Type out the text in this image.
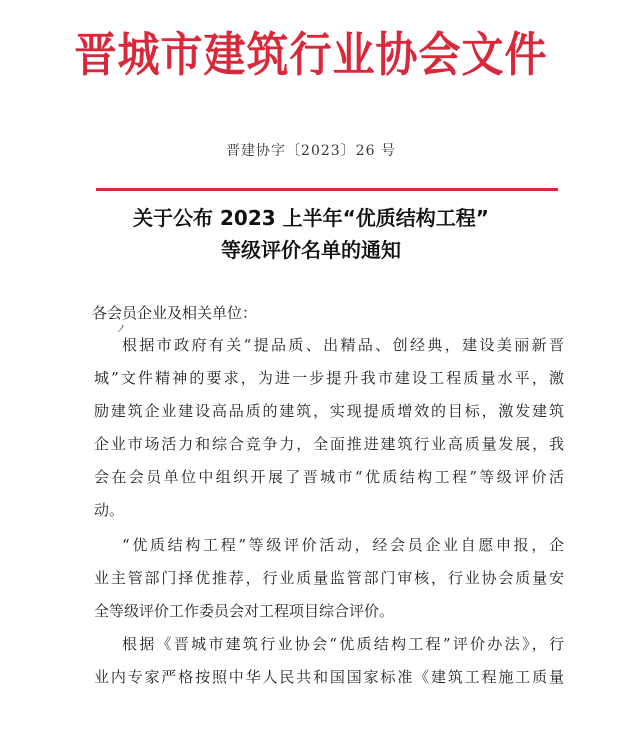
晋城市建筑行业协会文件
晋建协字〔2023〕26 号
关于公布 2023 上半年“优质结构工程”
等级评价名单的通知
各会员企业及相关单位：
ノ
根据市政府有关“提品质、出精品、创经典，建设美丽新晋
城”文件精神的要求，为进一步提升我市建设工程质量水平，激
励建筑企业建设高品质的建筑，实现提质增效的目标，激发建筑
企业市场活力和综合竞争力，全面推进建筑行业高质量发展，我
会在会员单位中组织开展了晋城市“优质结构工程”等级评价活
动。
“优质结构工程”等级评价活动，经会员企业自愿申报，企
业主管部门择优推荐，行业质量监管部门审核，行业协会质量安
全等级评价工作委员会对工程项目综合评价。
根据《晋城市建筑行业协会“优质结构工程”评价办法》，行
业内专家严格按照中华人民共和国国家标准《建筑工程施工质量
